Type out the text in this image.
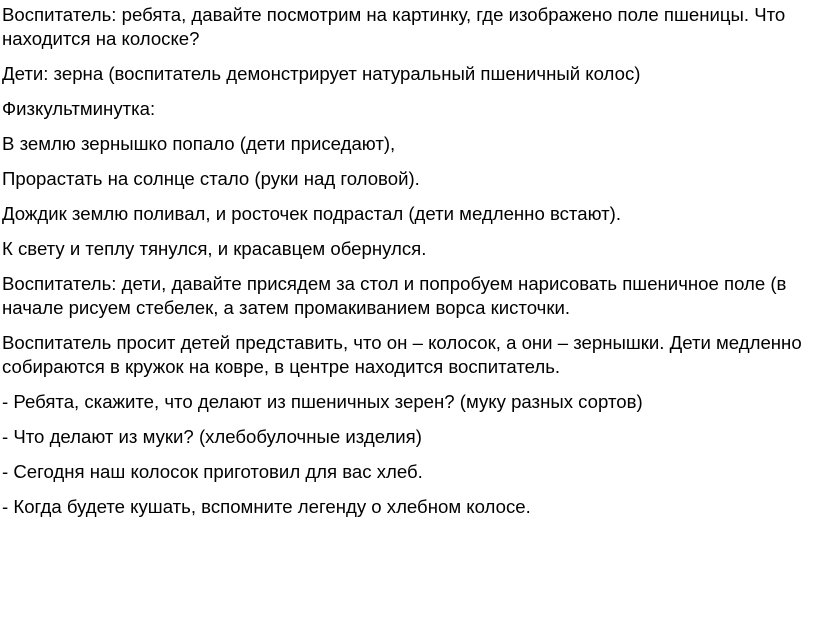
Воспитатель: ребята, давайте посмотрим на картинку, где изображено поле пшеницы. Что находится на колоске?

Дети: зерна (воспитатель демонстрирует натуральный пшеничный колос)

Физкультминутка:

В землю зернышко попало (дети приседают),

Прорастать на солнце стало (руки над головой).

Дождик землю поливал, и росточек подрастал (дети медленно встают).

К свету и теплу тянулся, и красавцем обернулся.

Воспитатель: дети, давайте присядем за стол и попробуем нарисовать пшеничное поле (в начале рисуем стебелек, а затем промакиванием ворса кисточки.

Воспитатель просит детей представить, что он – колосок, а они – зернышки. Дети медленно собираются в кружок на ковре, в центре находится воспитатель.

- Ребята, скажите, что делают из пшеничных зерен? (муку разных сортов)

- Что делают из муки? (хлебобулочные изделия)

- Сегодня наш колосок приготовил для вас хлеб.

- Когда будете кушать, вспомните легенду о хлебном колосе.
